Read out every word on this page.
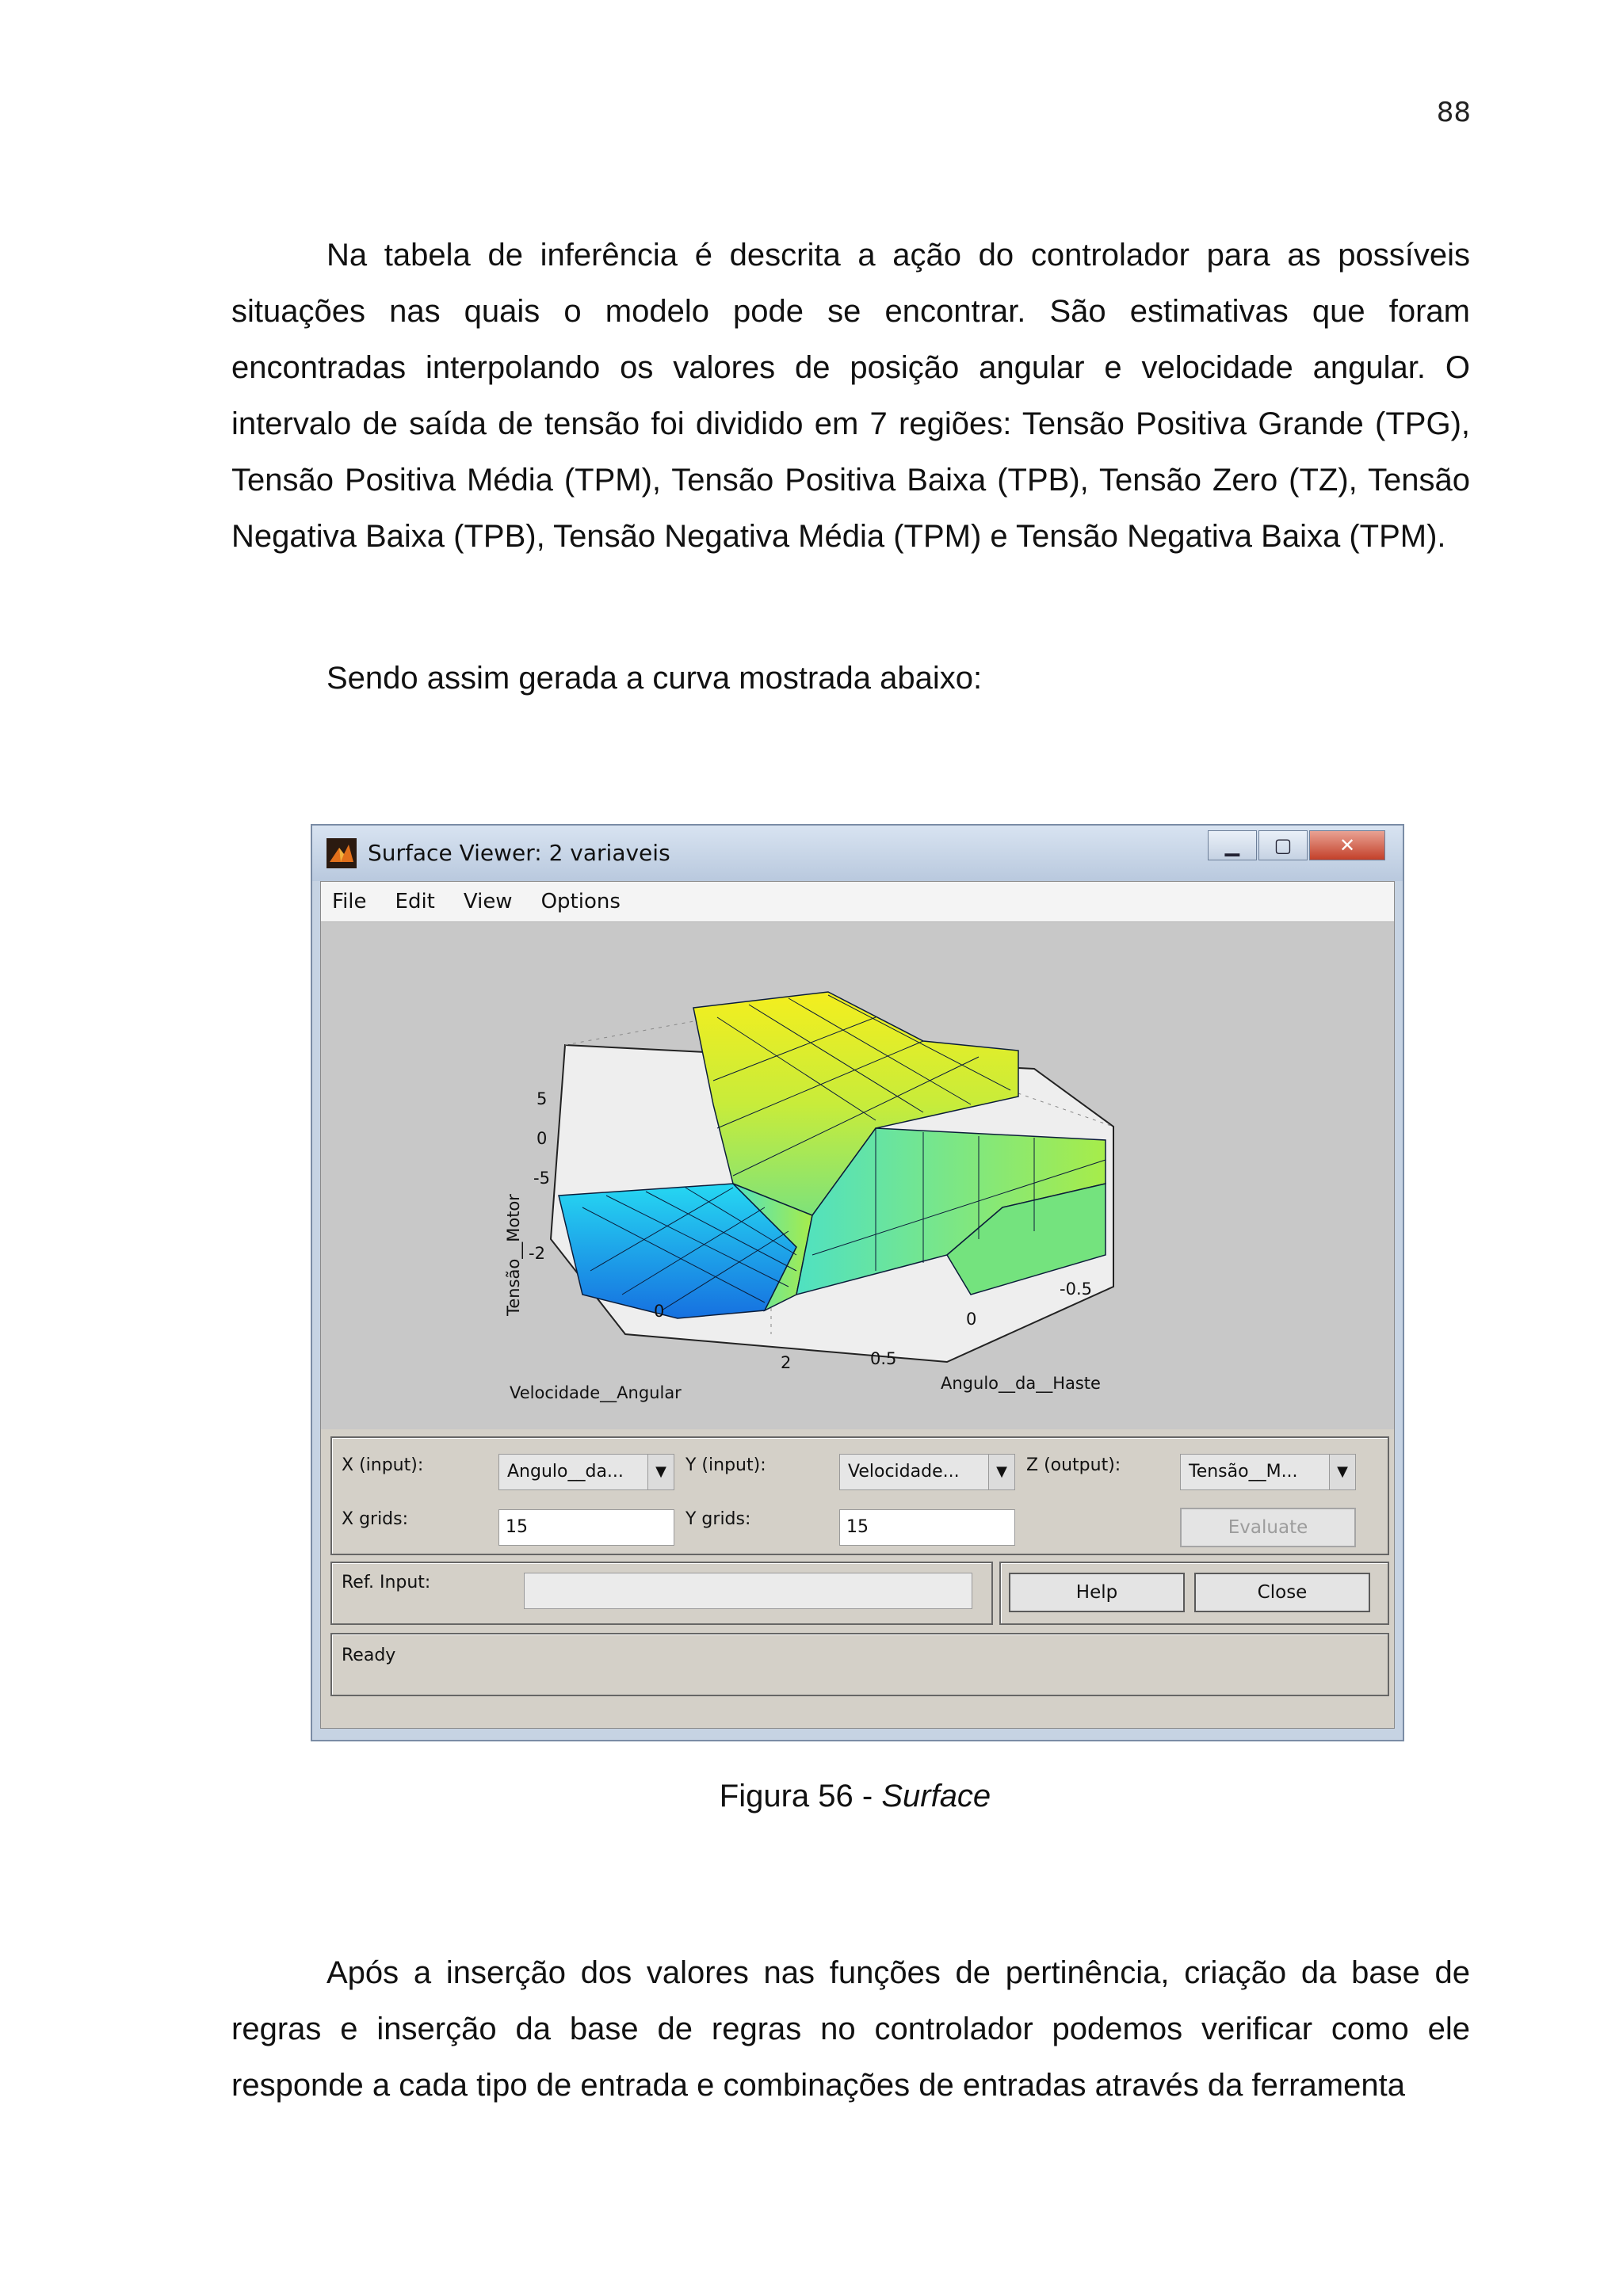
88

Na tabela de inferência é descrita a ação do controlador para as possíveis situações nas quais o modelo pode se encontrar. São estimativas que foram encontradas interpolando os valores de posição angular e velocidade angular. O intervalo de saída de tensão foi dividido em 7 regiões: Tensão Positiva Grande (TPG), Tensão Positiva Média (TPM), Tensão Positiva Baixa (TPB), Tensão Zero (TZ), Tensão Negativa Baixa (TPB), Tensão Negativa Média (TPM) e Tensão Negativa Baixa (TPM).

Sendo assim gerada a curva mostrada abaixo:

Surface Viewer: 2 variaveis	▁ ▢ ✕
File Edit View Options
Tensão__Motor
5
0
-5
-2
0
2	0.5
0
-0.5
Velocidade__Angular	Angulo__da__Haste
X (input):	Angulo__da...	▼	Y (input):	Velocidade...	▼	Z (output):	Tensão__M...	▼
X grids:	15	Y grids:	15	Evaluate
Ref. Input:	Help	Close
Ready
Figura 56 - Surface

Após a inserção dos valores nas funções de pertinência, criação da base de regras e inserção da base de regras no controlador podemos verificar como ele responde a cada tipo de entrada e combinações de entradas através da ferramenta
